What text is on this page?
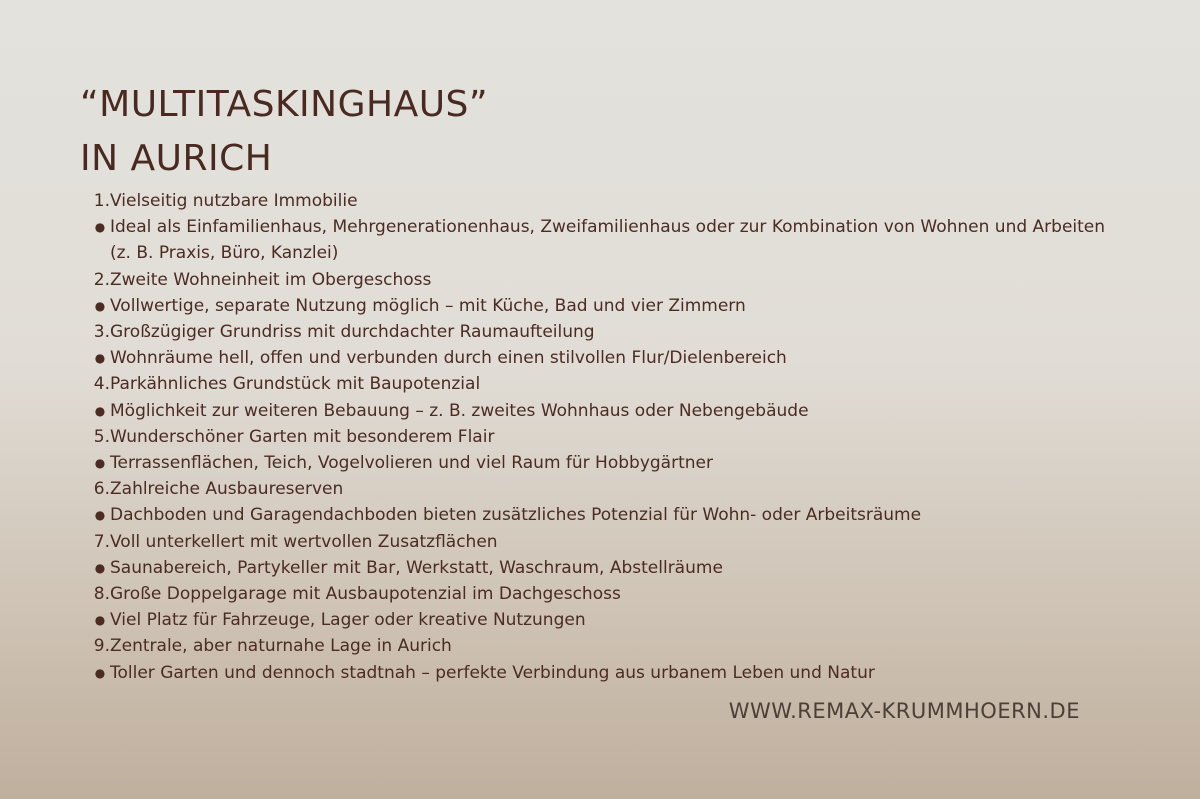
“MULTITASKINGHAUS”
IN AURICH
1. Vielseitig nutzbare Immobilie
● Ideal als Einfamilienhaus, Mehrgenerationenhaus, Zweifamilienhaus oder zur Kombination von Wohnen und Arbeiten (z. B. Praxis, Büro, Kanzlei)
2. Zweite Wohneinheit im Obergeschoss
● Vollwertige, separate Nutzung möglich – mit Küche, Bad und vier Zimmern
3. Großzügiger Grundriss mit durchdachter Raumaufteilung
● Wohnräume hell, offen und verbunden durch einen stilvollen Flur/Dielenbereich
4. Parkähnliches Grundstück mit Baupotenzial
● Möglichkeit zur weiteren Bebauung – z. B. zweites Wohnhaus oder Nebengebäude
5. Wunderschöner Garten mit besonderem Flair
● Terrassenflächen, Teich, Vogelvolieren und viel Raum für Hobbygärtner
6. Zahlreiche Ausbaureserven
● Dachboden und Garagendachboden bieten zusätzliches Potenzial für Wohn- oder Arbeitsräume
7. Voll unterkellert mit wertvollen Zusatzflächen
● Saunabereich, Partykeller mit Bar, Werkstatt, Waschraum, Abstellräume
8. Große Doppelgarage mit Ausbaupotenzial im Dachgeschoss
● Viel Platz für Fahrzeuge, Lager oder kreative Nutzungen
9. Zentrale, aber naturnahe Lage in Aurich
● Toller Garten und dennoch stadtnah – perfekte Verbindung aus urbanem Leben und Natur
WWW.REMAX-KRUMMHOERN.DE
